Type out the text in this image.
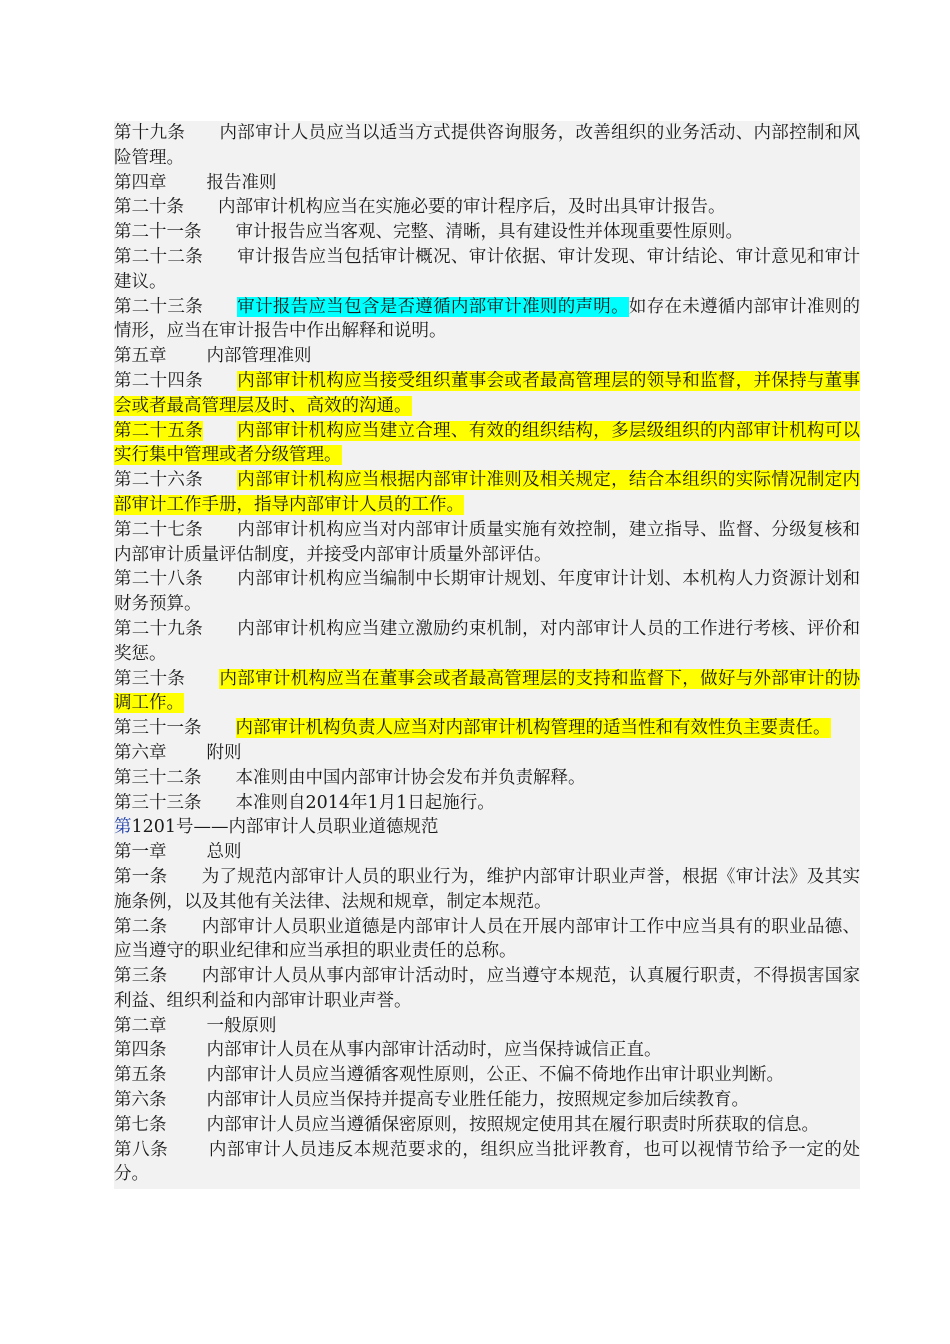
第十九条 内部审计人员应当以适当方式提供咨询服务，改善组织的业务活动、内部控制和风险管理。
第四章 报告准则
第二十条 内部审计机构应当在实施必要的审计程序后，及时出具审计报告。
第二十一条 审计报告应当客观、完整、清晰，具有建设性并体现重要性原则。
第二十二条 审计报告应当包括审计概况、审计依据、审计发现、审计结论、审计意见和审计建议。
第二十三条 审计报告应当包含是否遵循内部审计准则的声明。如存在未遵循内部审计准则的情形，应当在审计报告中作出解释和说明。
第五章 内部管理准则
第二十四条 内部审计机构应当接受组织董事会或者最高管理层的领导和监督，并保持与董事会或者最高管理层及时、高效的沟通。
第二十五条 内部审计机构应当建立合理、有效的组织结构，多层级组织的内部审计机构可以实行集中管理或者分级管理。
第二十六条 内部审计机构应当根据内部审计准则及相关规定，结合本组织的实际情况制定内部审计工作手册，指导内部审计人员的工作。
第二十七条 内部审计机构应当对内部审计质量实施有效控制，建立指导、监督、分级复核和内部审计质量评估制度，并接受内部审计质量外部评估。
第二十八条 内部审计机构应当编制中长期审计规划、年度审计计划、本机构人力资源计划和财务预算。
第二十九条 内部审计机构应当建立激励约束机制，对内部审计人员的工作进行考核、评价和奖惩。
第三十条 内部审计机构应当在董事会或者最高管理层的支持和监督下，做好与外部审计的协调工作。
第三十一条 内部审计机构负责人应当对内部审计机构管理的适当性和有效性负主要责任。
第六章 附则
第三十二条 本准则由中国内部审计协会发布并负责解释。
第三十三条 本准则自2014年1月1日起施行。
第1201号——内部审计人员职业道德规范
第一章 总则
第一条 为了规范内部审计人员的职业行为，维护内部审计职业声誉，根据《审计法》及其实施条例，以及其他有关法律、法规和规章，制定本规范。
第二条 内部审计人员职业道德是内部审计人员在开展内部审计工作中应当具有的职业品德、应当遵守的职业纪律和应当承担的职业责任的总称。
第三条 内部审计人员从事内部审计活动时，应当遵守本规范，认真履行职责，不得损害国家利益、组织利益和内部审计职业声誉。
第二章 一般原则
第四条 内部审计人员在从事内部审计活动时，应当保持诚信正直。
第五条 内部审计人员应当遵循客观性原则，公正、不偏不倚地作出审计职业判断。
第六条 内部审计人员应当保持并提高专业胜任能力，按照规定参加后续教育。
第七条 内部审计人员应当遵循保密原则，按照规定使用其在履行职责时所获取的信息。
第八条 内部审计人员违反本规范要求的，组织应当批评教育，也可以视情节给予一定的处分。
